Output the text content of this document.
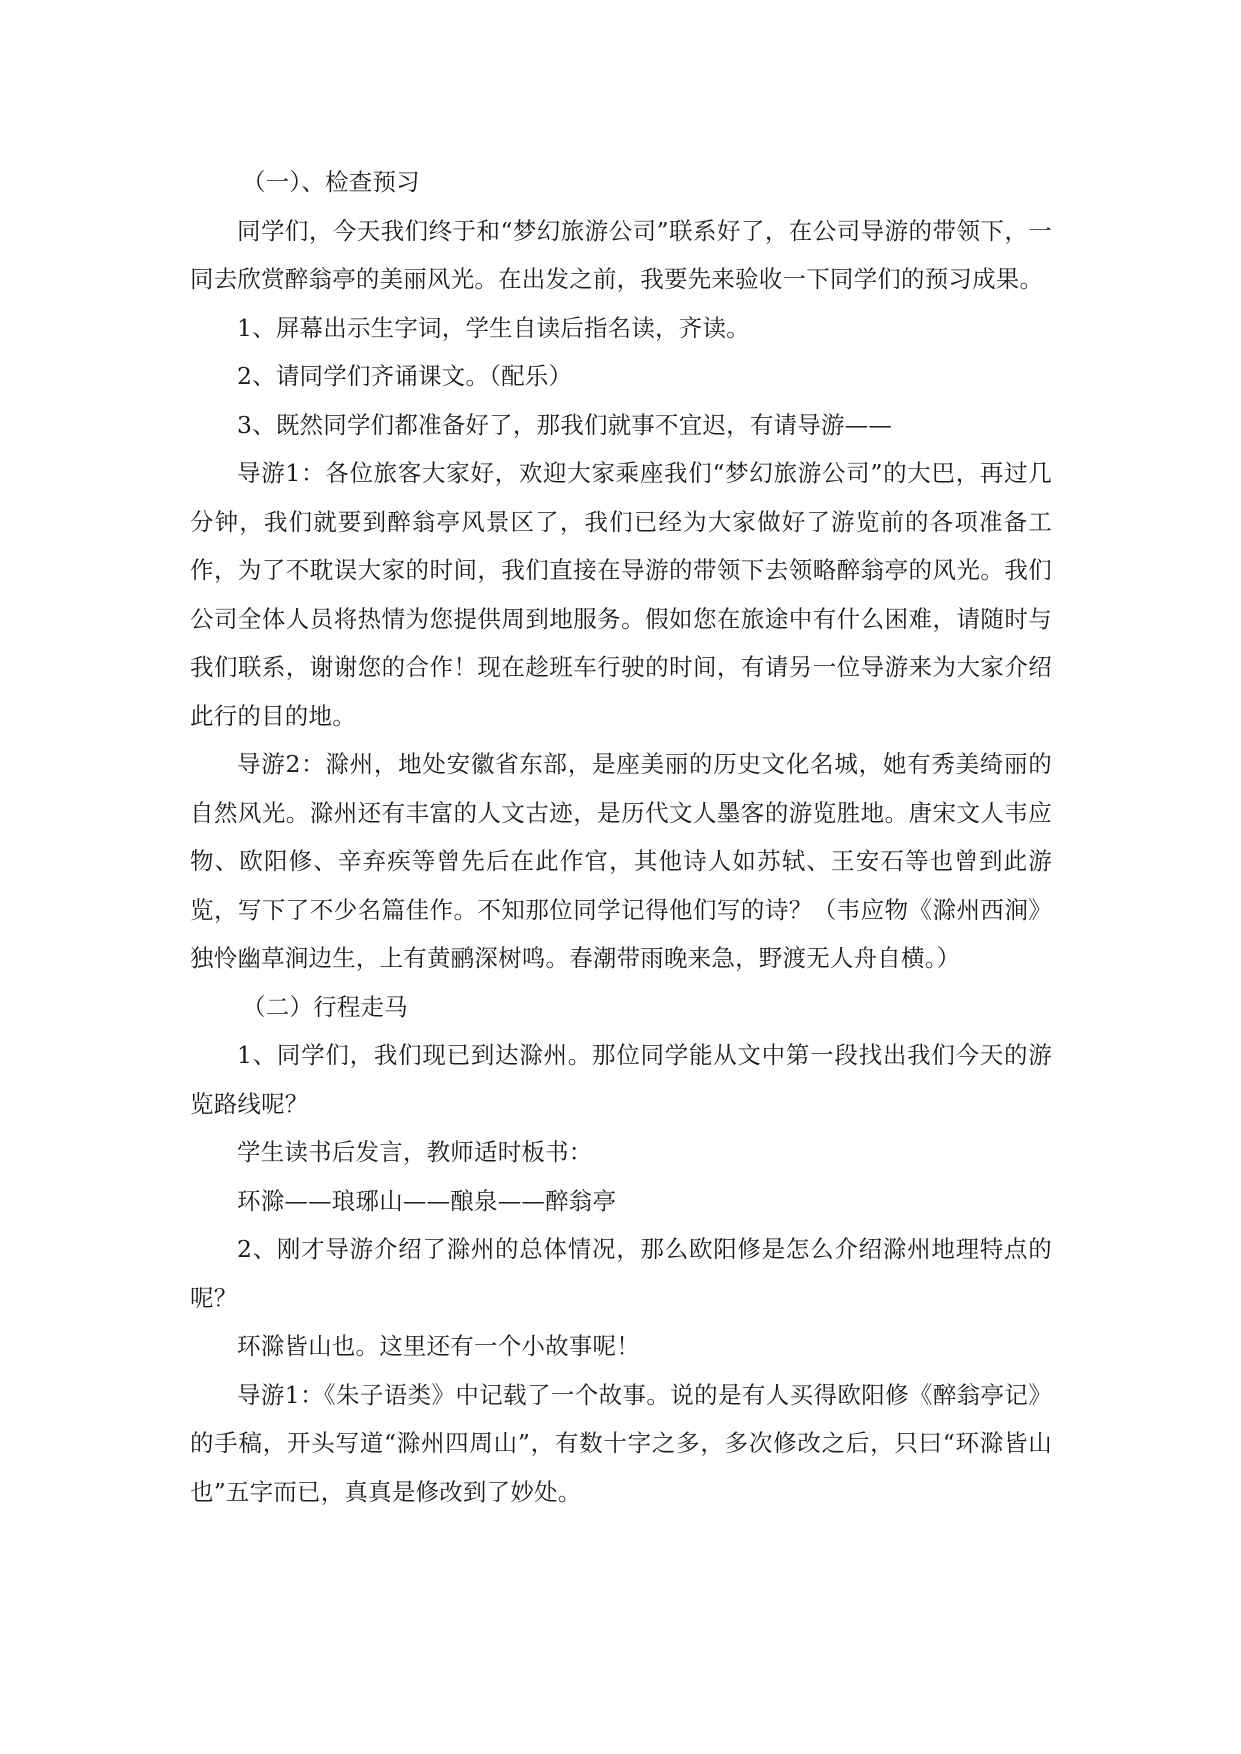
（一）、检查预习

同学们，今天我们终于和“梦幻旅游公司”联系好了，在公司导游的带领下，一同去欣赏醉翁亭的美丽风光。在出发之前，我要先来验收一下同学们的预习成果。

1、屏幕出示生字词，学生自读后指名读，齐读。

2、请同学们齐诵课文。（配乐）

3、既然同学们都准备好了，那我们就事不宜迟，有请导游——

导游1：各位旅客大家好，欢迎大家乘座我们“梦幻旅游公司”的大巴，再过几分钟，我们就要到醉翁亭风景区了，我们已经为大家做好了游览前的各项准备工作，为了不耽误大家的时间，我们直接在导游的带领下去领略醉翁亭的风光。我们公司全体人员将热情为您提供周到地服务。假如您在旅途中有什么困难，请随时与我们联系，谢谢您的合作！现在趁班车行驶的时间，有请另一位导游来为大家介绍此行的目的地。

导游2：滁州，地处安徽省东部，是座美丽的历史文化名城，她有秀美绮丽的自然风光。滁州还有丰富的人文古迹，是历代文人墨客的游览胜地。唐宋文人韦应物、欧阳修、辛弃疾等曾先后在此作官，其他诗人如苏轼、王安石等也曾到此游览，写下了不少名篇佳作。不知那位同学记得他们写的诗？（韦应物《滁州西涧》独怜幽草涧边生，上有黄鹂深树鸣。春潮带雨晚来急，野渡无人舟自横。）

（二）行程走马

1、同学们，我们现已到达滁州。那位同学能从文中第一段找出我们今天的游览路线呢？

学生读书后发言，教师适时板书：

环滁——琅琊山——酿泉——醉翁亭

2、刚才导游介绍了滁州的总体情况，那么欧阳修是怎么介绍滁州地理特点的呢？

环滁皆山也。这里还有一个小故事呢！

导游1：《朱子语类》中记载了一个故事。说的是有人买得欧阳修《醉翁亭记》的手稿，开头写道“滁州四周山”，有数十字之多，多次修改之后，只曰“环滁皆山也”五字而已，真真是修改到了妙处。
